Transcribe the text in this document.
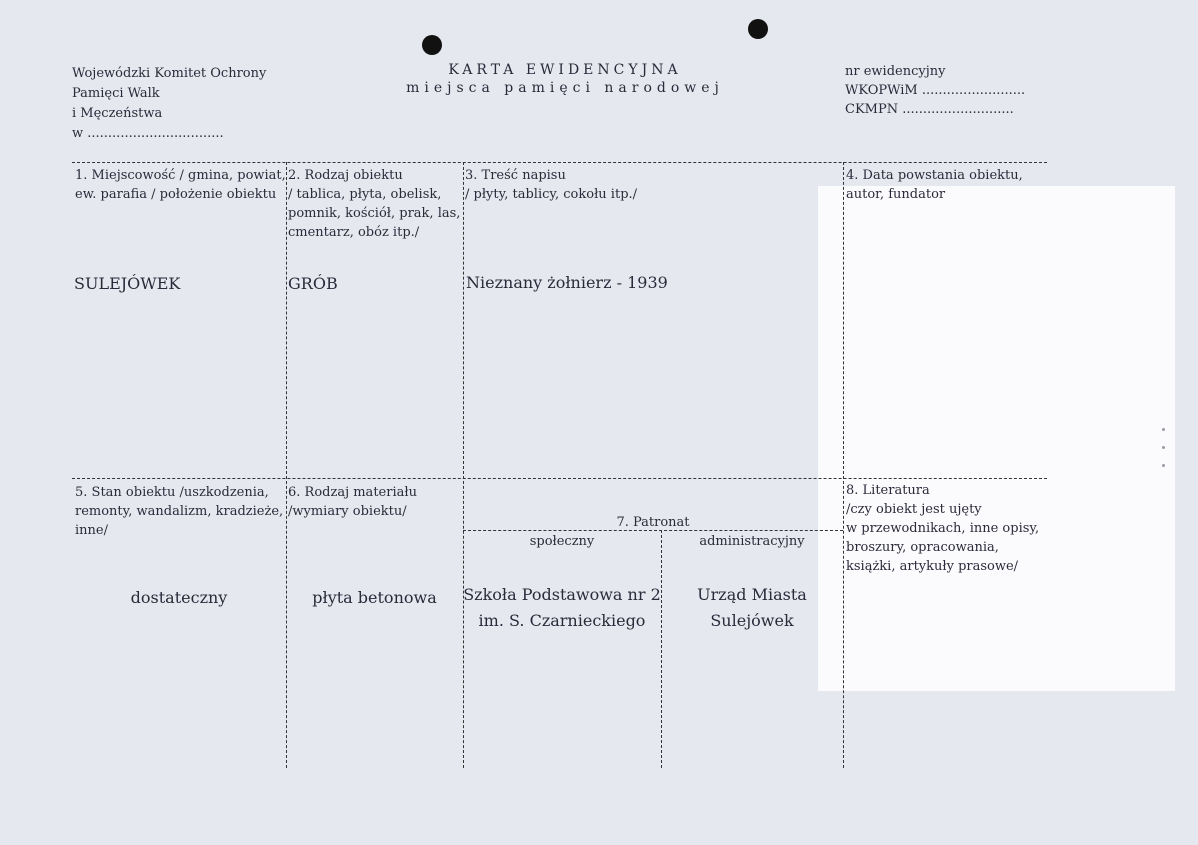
Wojewódzki Komitet Ochrony
Pamięci Walk
i Męczeństwa
w .................................
KARTA EWIDENCYJNA
miejsca pamięci narodowej
nr ewidencyjny
WKOPWiM .........................
CKMPN ...........................
1. Miejscowość / gmina, powiat,
ew. parafia / położenie obiektu
SULEJÓWEK
2. Rodzaj obiektu
/ tablica, płyta, obelisk,
pomnik, kościół, prak, las,
cmentarz, obóz itp./
GRÓB
3. Treść napisu
/ płyty, tablicy, cokołu itp./
Nieznany żołnierz - 1939
4. Data powstania obiektu,
autor, fundator
5. Stan obiektu /uszkodzenia,
remonty, wandalizm, kradzieże,
inne/
dostateczny
6. Rodzaj materiału
/wymiary obiektu/
płyta betonowa
7. Patronat
społeczny	administracyjny
Szkoła Podstawowa nr 2
im. S. Czarnieckiego
Urząd Miasta
Sulejówek
8. Literatura
/czy obiekt jest ujęty
w przewodnikach, inne opisy,
broszury, opracowania,
książki, artykuły prasowe/
